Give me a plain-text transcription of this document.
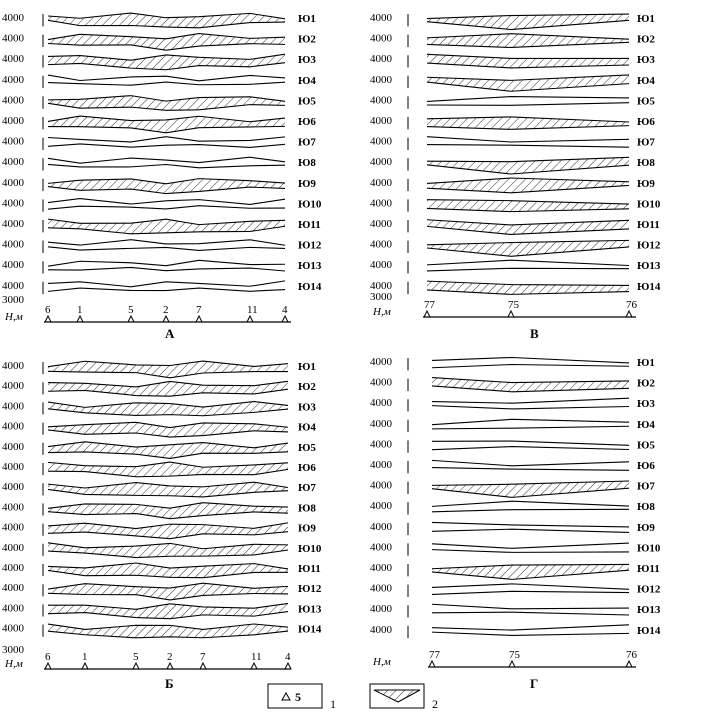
4000	Ю1
4000	Ю2
4000	Ю3
4000	Ю4
4000	Ю5
4000	Ю6
4000	Ю7
4000	Ю8
4000	Ю9
4000	Ю10
4000	Ю11
4000	Ю12
4000	Ю13
4000	Ю14
3000
H,м
6 1	5	2	7	11 4
А
4000	Ю1
4000	Ю2
4000	Ю3
4000	Ю4
4000	Ю5
4000	Ю6
4000	Ю7
4000	Ю8
4000	Ю9
4000	Ю10
4000	Ю11
4000	Ю12
4000	Ю13
4000	Ю14
3000
H,м
77	75	76
В
4000	Ю1
4000	Ю2
4000	Ю3
4000	Ю4
4000	Ю5
4000	Ю6
4000	Ю7
4000	Ю8
4000	Ю9
4000	Ю10
4000	Ю11
4000	Ю12
4000	Ю13
4000	Ю14
3000
H,м
6	1	5	2	7	11 4
Б
4000	Ю1
4000	Ю2
4000	Ю3
4000	Ю4
4000	Ю5
4000	Ю6
4000	Ю7
4000	Ю8
4000	Ю9
4000	Ю10
4000	Ю11
4000	Ю12
4000	Ю13
4000	Ю14
H,м
77	75	76
Г
5 1	2
